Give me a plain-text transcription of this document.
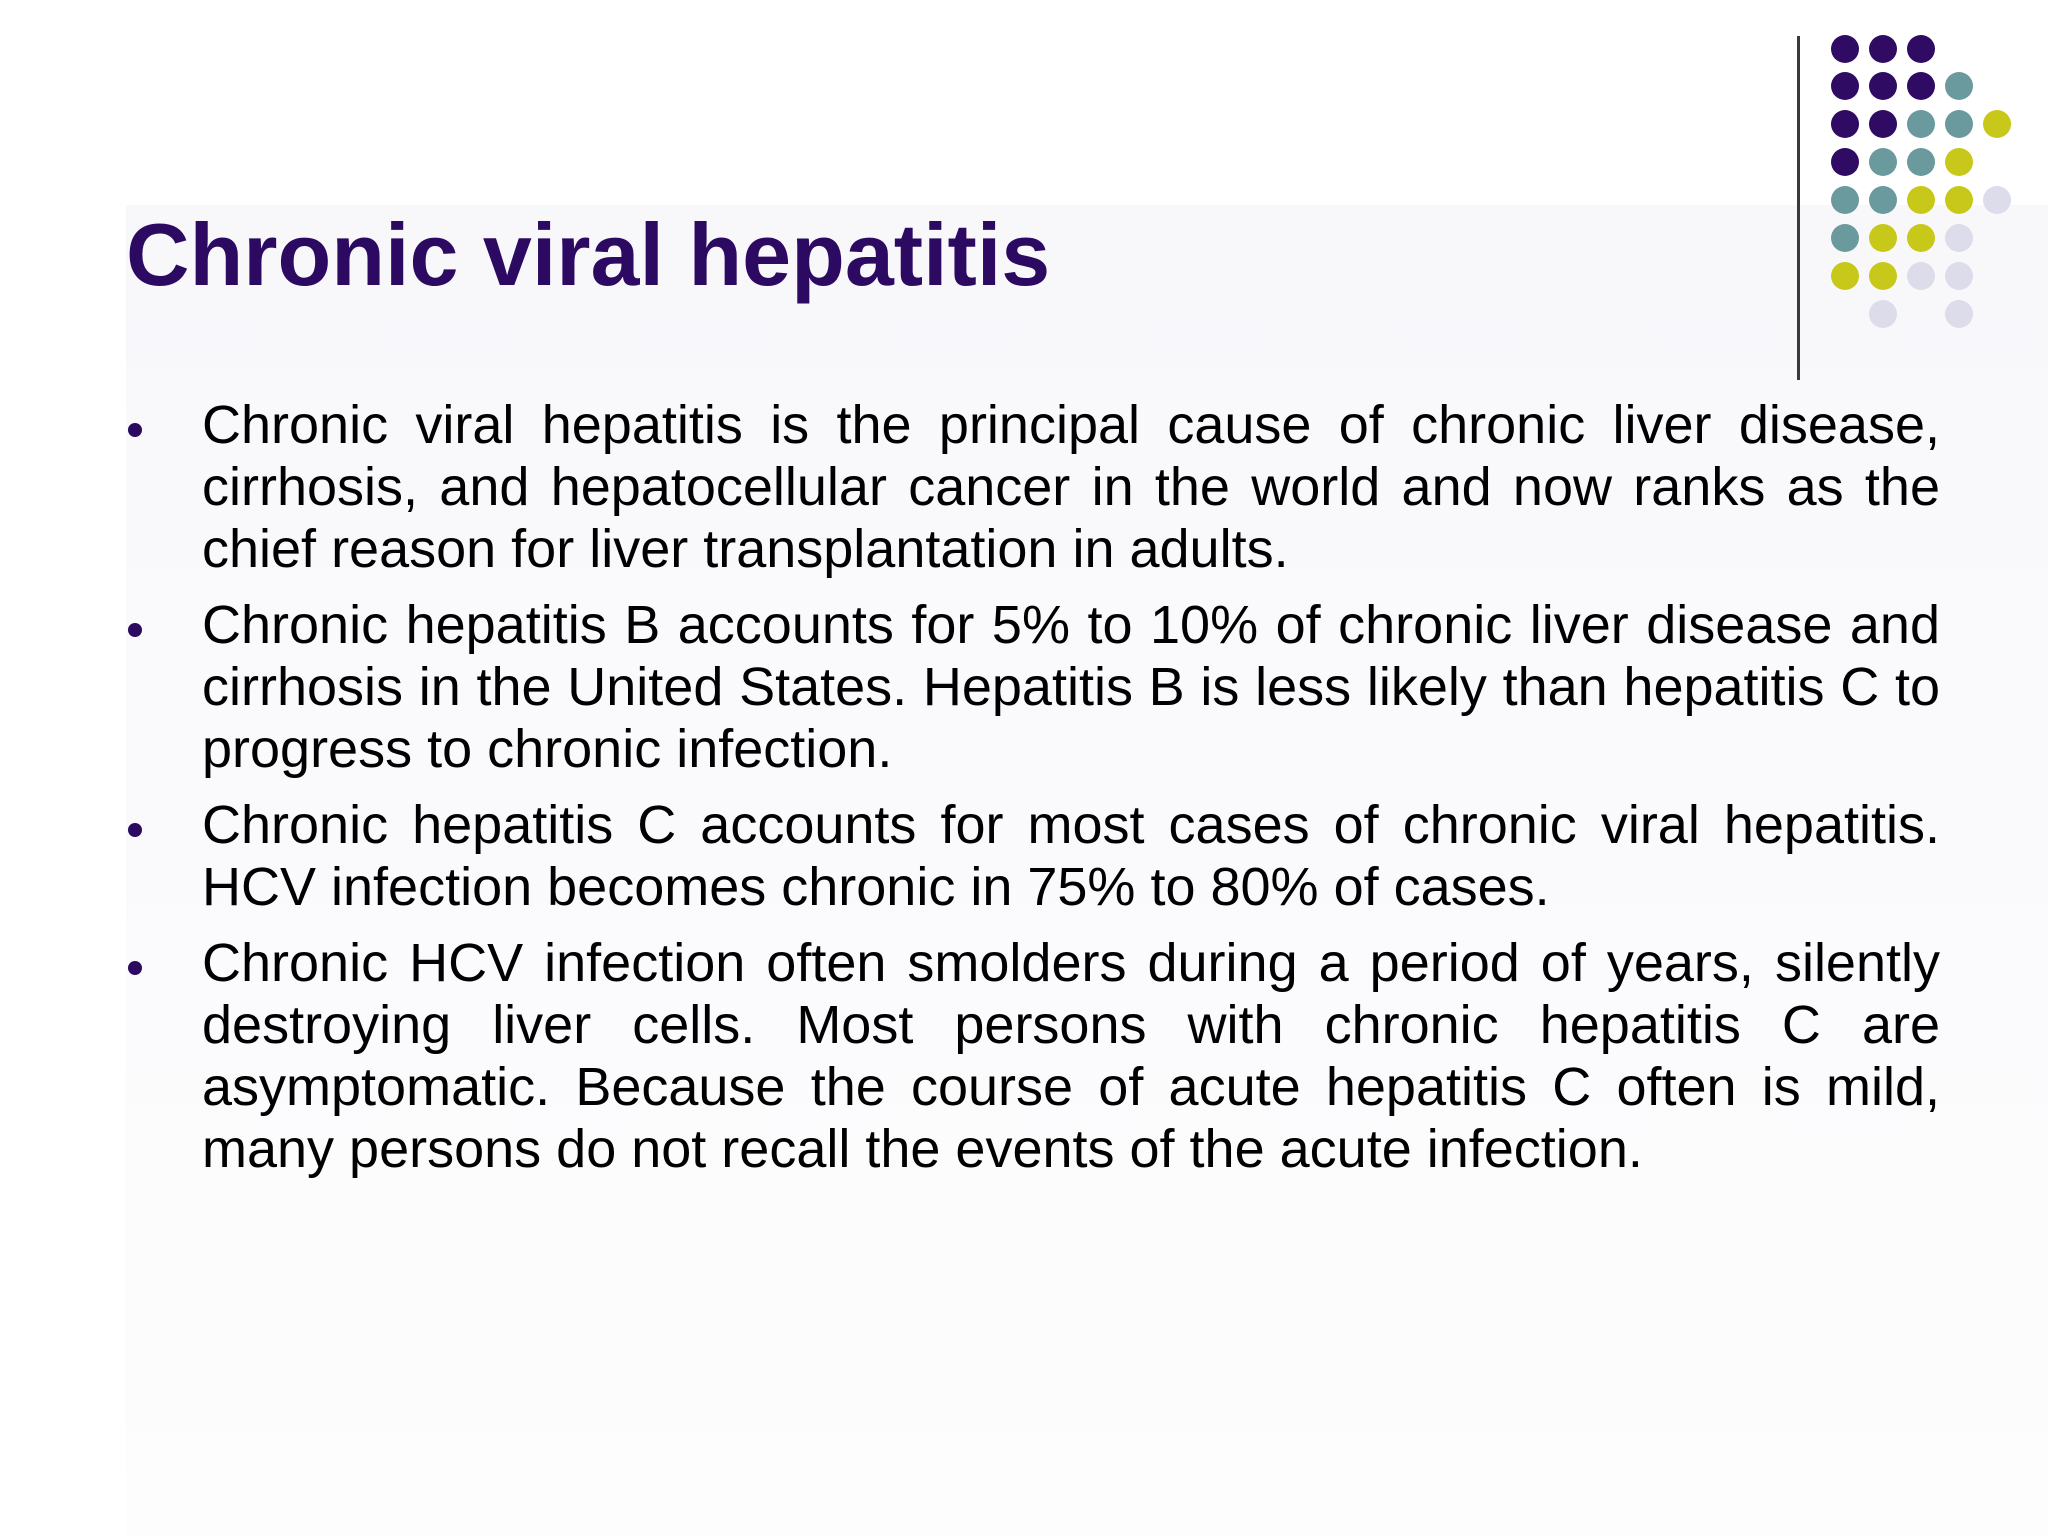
Chronic viral hepatitis
Chronic viral hepatitis is the principal cause of chronic liver disease, cirrhosis, and hepatocellular cancer in the world and now ranks as the chief reason for liver transplantation in adults.
Chronic hepatitis B accounts for 5% to 10% of chronic liver disease and cirrhosis in the United States. Hepatitis B is less likely than hepatitis C to progress to chronic infection.
Chronic hepatitis C accounts for most cases of chronic viral hepatitis. HCV infection becomes chronic in 75% to 80% of cases.
Chronic HCV infection often smolders during a period of years, silently destroying liver cells. Most persons with chronic hepatitis C are asymptomatic. Because the course of acute hepatitis C often is mild, many persons do not recall the events of the acute infection.
